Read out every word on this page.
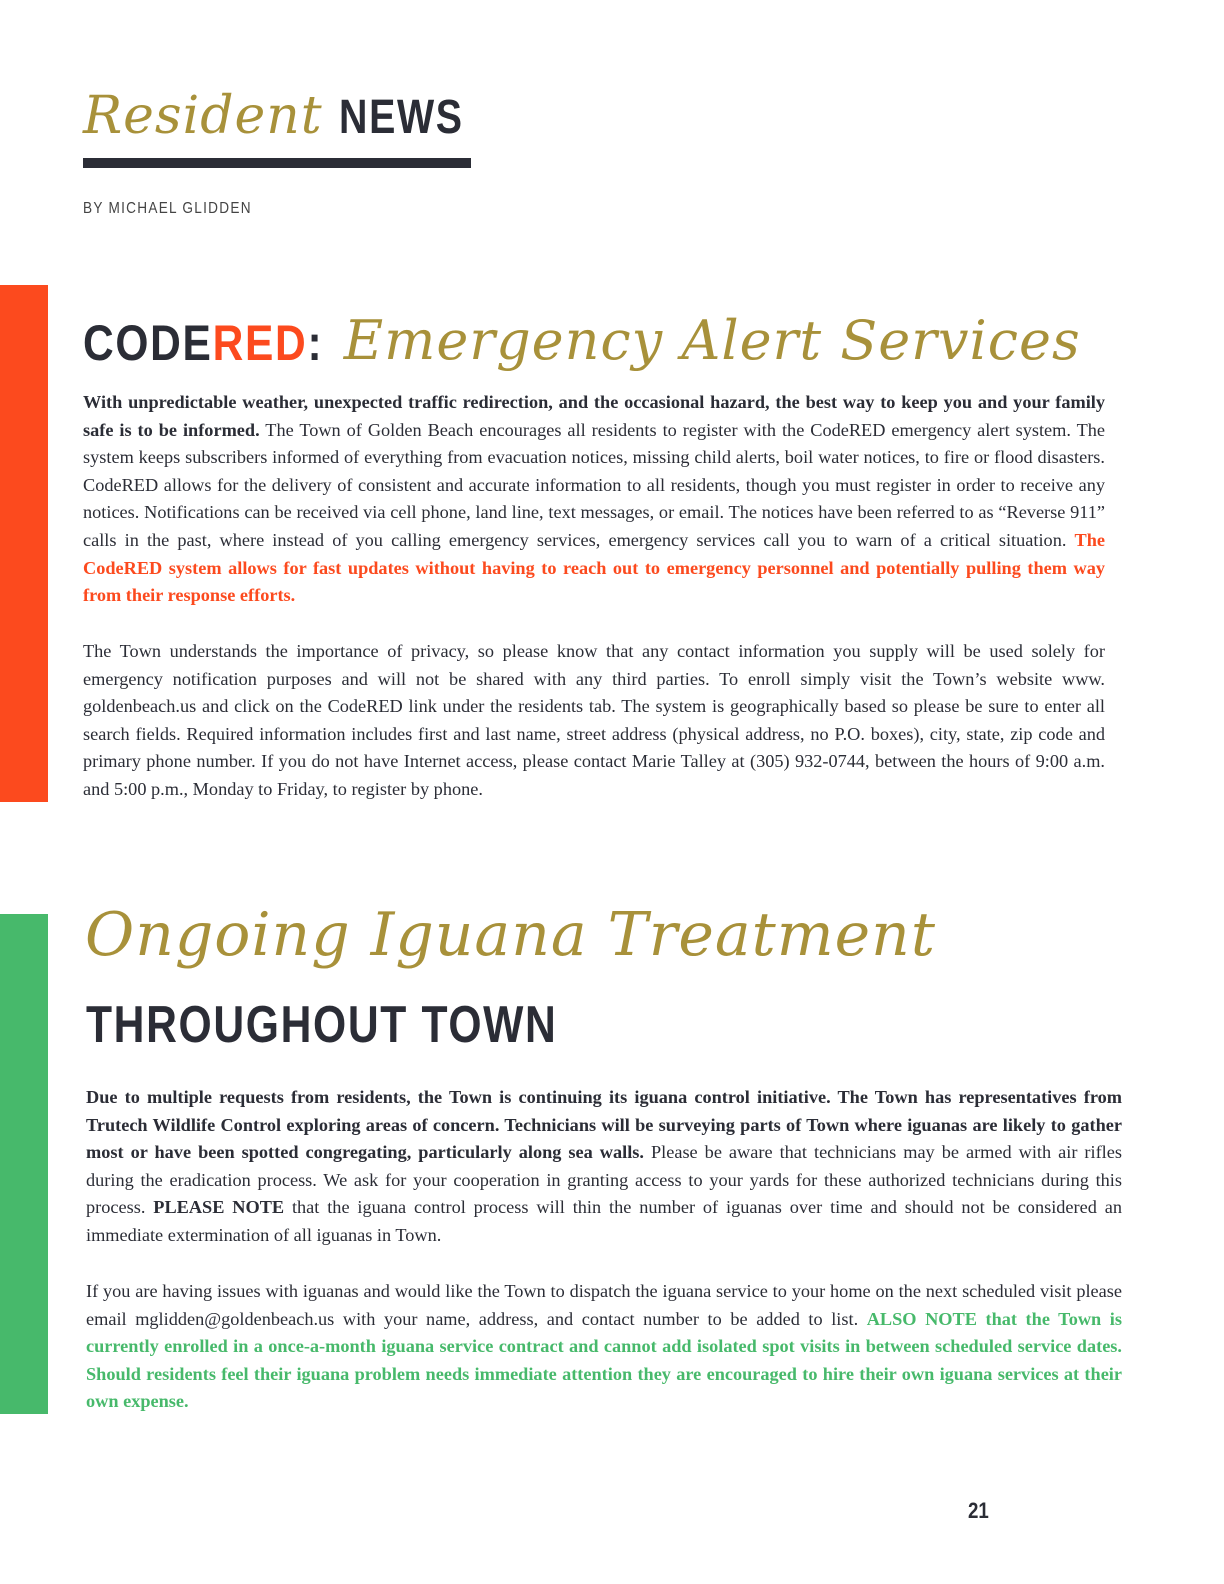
Resident NEWS
BY MICHAEL GLIDDEN
CODERED: Emergency Alert Services

With unpredictable weather, unexpected traffic redirection, and the occasional hazard, the best way to keep you and your family safe is to be informed. The Town of Golden Beach encourages all residents to register with the CodeRED emergency alert system. The system keeps subscribers informed of everything from evacuation notices, missing child alerts, boil water notices, to fire or flood disasters. CodeRED allows for the delivery of consistent and accurate information to all residents, though you must register in order to receive any notices. Notifications can be received via cell phone, land line, text messages, or email. The notices have been referred to as “Reverse 911” calls in the past, where instead of you calling emergency services, emergency services call you to warn of a critical situation. The CodeRED system allows for fast updates without having to reach out to emergency personnel and potentially pulling them way from their response efforts.

The Town understands the importance of privacy, so please know that any contact information you supply will be used solely for emergency notification purposes and will not be shared with any third parties. To enroll simply visit the Town’s website www. goldenbeach.us and click on the CodeRED link under the residents tab. The system is geographically based so please be sure to enter all search fields. Required information includes first and last name, street address (physical address, no P.O. boxes), city, state, zip code and primary phone number. If you do not have Internet access, please contact Marie Talley at (305) 932-0744, between the hours of 9:00 a.m. and 5:00 p.m., Monday to Friday, to register by phone.

Ongoing Iguana Treatment
THROUGHOUT TOWN

Due to multiple requests from residents, the Town is continuing its iguana control initiative. The Town has representatives from Trutech Wildlife Control exploring areas of concern. Technicians will be surveying parts of Town where iguanas are likely to gather most or have been spotted congregating, particularly along sea walls. Please be aware that technicians may be armed with air rifles during the eradication process. We ask for your cooperation in granting access to your yards for these authorized technicians during this process. PLEASE NOTE that the iguana control process will thin the number of iguanas over time and should not be considered an immediate extermination of all iguanas in Town.

If you are having issues with iguanas and would like the Town to dispatch the iguana service to your home on the next scheduled visit please email mglidden@goldenbeach.us with your name, address, and contact number to be added to list. ALSO NOTE that the Town is currently enrolled in a once-a-month iguana service contract and cannot add isolated spot visits in between scheduled service dates. Should residents feel their iguana problem needs immediate attention they are encouraged to hire their own iguana services at their own expense.

21
